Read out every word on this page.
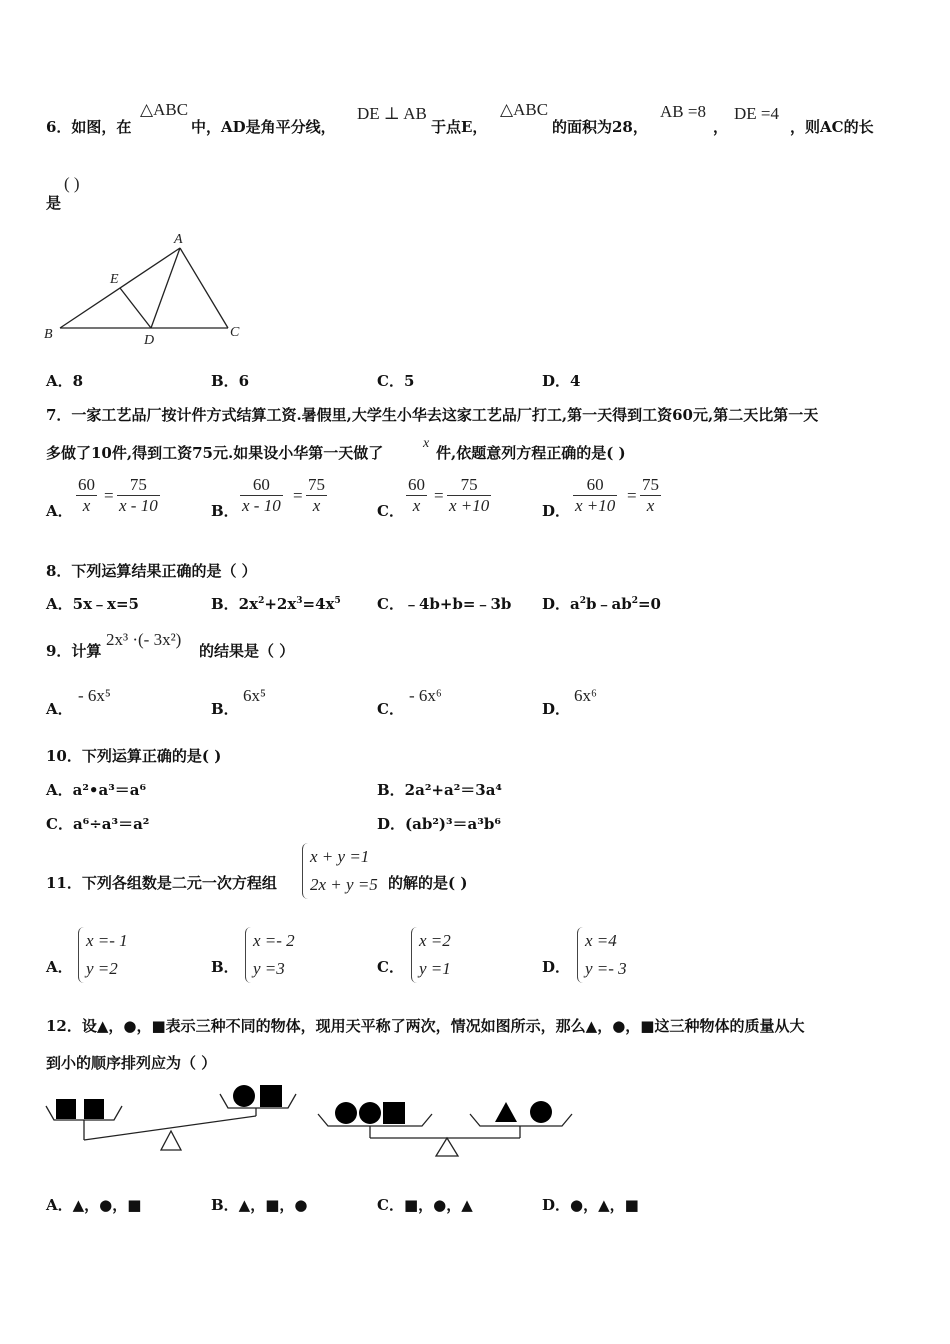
6．如图，在
△ABC
中，AD是角平分线，
DE ⊥ AB
于点E，
△ABC
的面积为28，
AB =8
，
DE =4
，则AC的长
是
( )
A
B	C
D
E
A．8	B．6	C．5	D．4
7．一家工艺品厂按计件方式结算工资.暑假里,大学生小华去这家工艺品厂打工,第一天得到工资60元,第二天比第一天
多做了10件,得到工资75元.如果设小华第一天做了
x
件,依题意列方程正确的是( )
A． $\frac{60}{x} = \frac{75}{x - 10}$	B． $\frac{60}{x - 10} = \frac{75}{x}$	C． $\frac{60}{x} = \frac{75}{x +10}$	D． $\frac{60}{x +10} = \frac{75}{x}$
8．下列运算结果正确的是（ ）
A．5x﹣x=5	B．$2x^2+2x^3=4x^5$ C．﹣4b+b=﹣3b D．$a^2b﹣ab^2=0$
9．计算
2x³ ·(- 3x²)
的结果是（ ）
A．
- 6x⁵
B．
6x⁵
C．
- 6x⁶
D．
6x⁶
10．下列运算正确的是( )
A．a²•a³＝a⁶	B．2a²+a²＝3a⁴
C．a⁶÷a³＝a²	D．(ab²)³＝a³b⁶
11．下列各组数是二元一次方程组
x + y =1
2x + y =5 的解的是( )
A．
x =- 1
y =2	B．
x =- 2
y =3	C．
x =2
y =1	D．
x =4
y =- 3
12．设▲，●，■表示三种不同的物体，现用天平称了两次，情况如图所示，那么▲，●，■这三种物体的质量从大
到小的顺序排列应为（ ）
A．▲，●，■	B．▲，■，●	C．■，●，▲	D．●，▲，■
